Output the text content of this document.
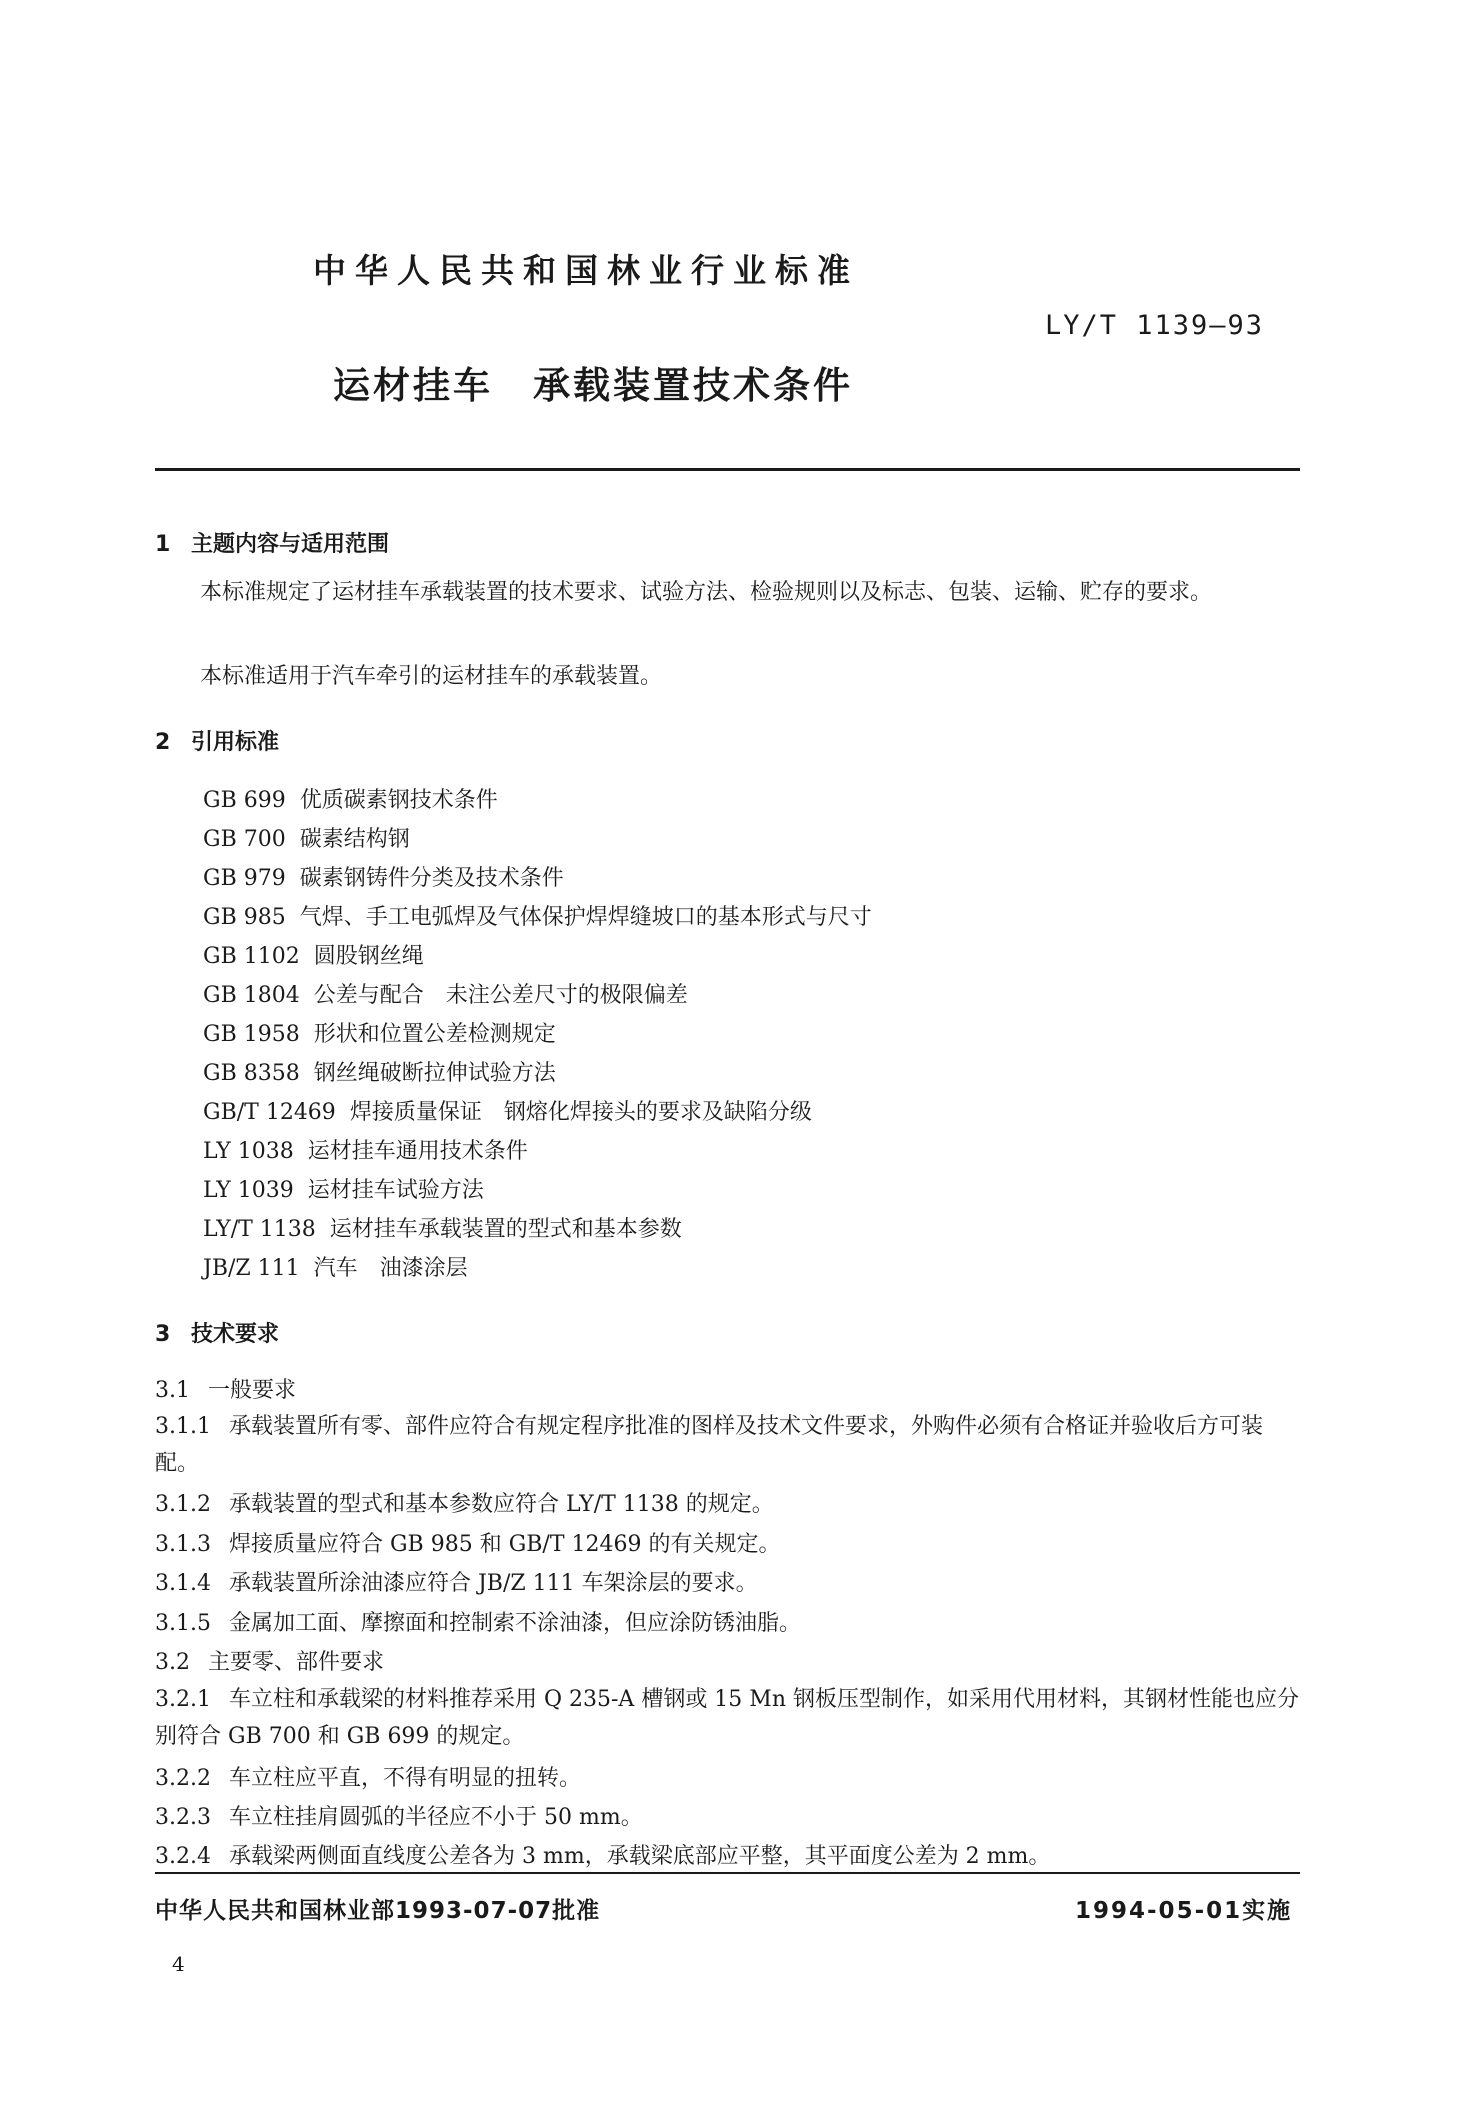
中华人民共和国林业行业标准
LY/T 1139—93
运材挂车　承载装置技术条件
1 主题内容与适用范围
本标准规定了运材挂车承载装置的技术要求、试验方法、检验规则以及标志、包装、运输、贮存的要求。
本标准适用于汽车牵引的运材挂车的承载装置。
2 引用标准
GB 699 优质碳素钢技术条件
GB 700 碳素结构钢
GB 979 碳素钢铸件分类及技术条件
GB 985 气焊、手工电弧焊及气体保护焊焊缝坡口的基本形式与尺寸
GB 1102 圆股钢丝绳
GB 1804 公差与配合　未注公差尺寸的极限偏差
GB 1958 形状和位置公差检测规定
GB 8358 钢丝绳破断拉伸试验方法
GB/T 12469 焊接质量保证　钢熔化焊接头的要求及缺陷分级
LY 1038 运材挂车通用技术条件
LY 1039 运材挂车试验方法
LY/T 1138 运材挂车承载装置的型式和基本参数
JB/Z 111 汽车　油漆涂层
3 技术要求
3.1 一般要求
3.1.1 承载装置所有零、部件应符合有规定程序批准的图样及技术文件要求，外购件必须有合格证并验收后方可装配。
3.1.2 承载装置的型式和基本参数应符合 LY/T 1138 的规定。
3.1.3 焊接质量应符合 GB 985 和 GB/T 12469 的有关规定。
3.1.4 承载装置所涂油漆应符合 JB/Z 111 车架涂层的要求。
3.1.5 金属加工面、摩擦面和控制索不涂油漆，但应涂防锈油脂。
3.2 主要零、部件要求
3.2.1 车立柱和承载梁的材料推荐采用 Q 235-A 槽钢或 15 Mn 钢板压型制作，如采用代用材料，其钢材性能也应分别符合 GB 700 和 GB 699 的规定。
3.2.2 车立柱应平直，不得有明显的扭转。
3.2.3 车立柱挂肩圆弧的半径应不小于 50 mm。
3.2.4 承载梁两侧面直线度公差各为 3 mm，承载梁底部应平整，其平面度公差为 2 mm。
中华人民共和国林业部1993-07-07批准	1994-05-01实施
4
